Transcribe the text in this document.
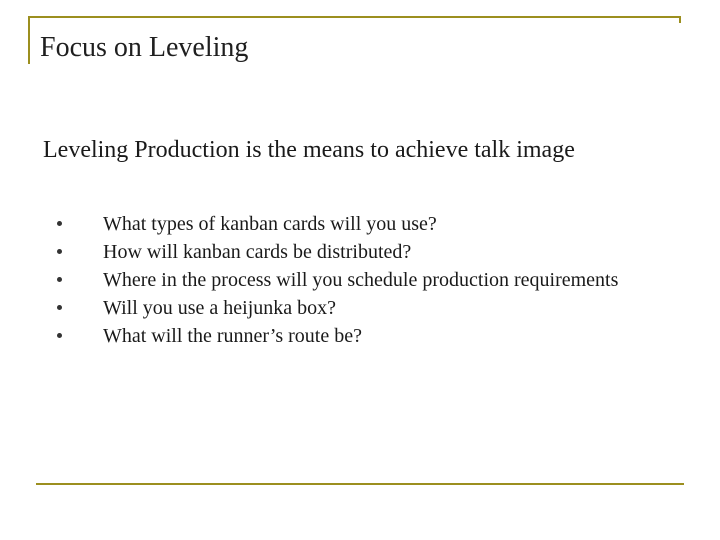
Focus on Leveling
Leveling Production is the means to achieve talk image
What types of kanban cards will you use?
How will kanban cards be distributed?
Where in the process will you schedule production requirements
Will you use a heijunka box?
What will the runner’s route be?
